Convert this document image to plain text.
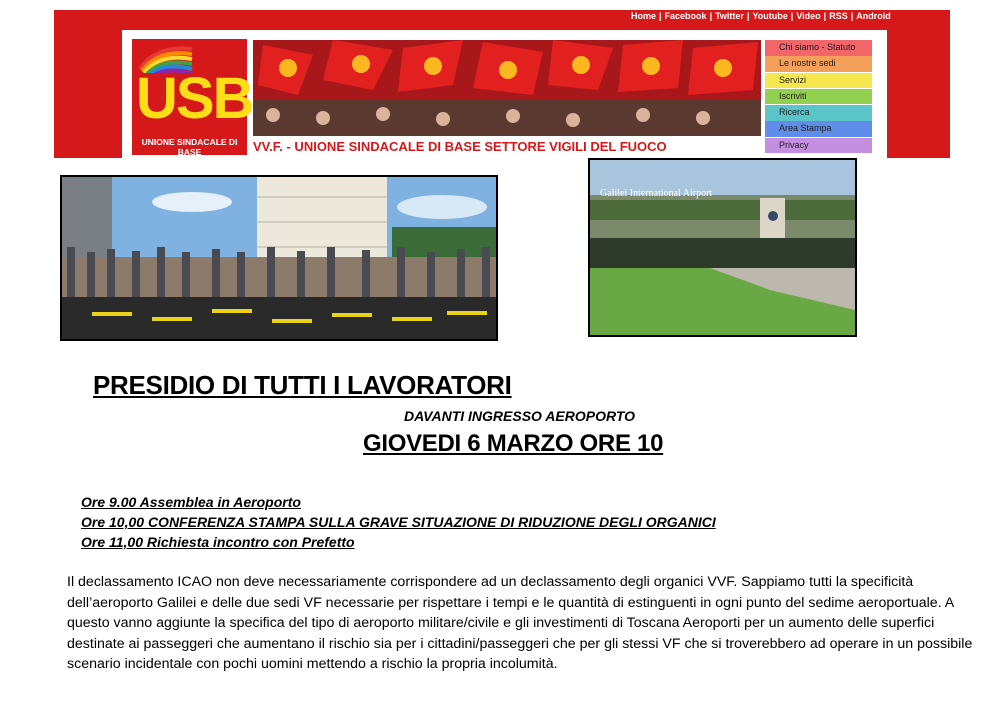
Home | Facebook | Twitter | Youtube | Video | RSS | Android
USB
UNIONE SINDACALE DI BASE	VV.F. - UNIONE SINDACALE DI BASE SETTORE VIGILI DEL FUOCO
Chi siamo - Statuto
Le nostre sedi
Servizi
Iscriviti
Ricerca
Area Stampa
Privacy
Galilei International Airport
PRESIDIO DI TUTTI I LAVORATORI
DAVANTI INGRESSO AEROPORTO
GIOVEDI 6 MARZO ORE 10
Ore 9.00 Assemblea in Aeroporto
Ore 10,00 CONFERENZA STAMPA SULLA GRAVE SITUAZIONE DI RIDUZIONE DEGLI ORGANICI
Ore 11,00 Richiesta incontro con Prefetto
Il declassamento ICAO non deve necessariamente corrispondere ad un declassamento degli organici VVF. Sappiamo tutti la specificità dell’aeroporto Galilei e delle due sedi VF necessarie per rispettare i tempi e le quantità di estinguenti in ogni punto del sedime aeroportuale. A questo vanno aggiunte la specifica del tipo di aeroporto militare/civile e gli investimenti di Toscana Aeroporti per un aumento delle superfici destinate ai passeggeri che aumentano il rischio sia per i cittadini/passeggeri che per gli stessi VF che si troverebbero ad operare in un possibile scenario incidentale con pochi uomini mettendo a rischio la propria incolumità.
